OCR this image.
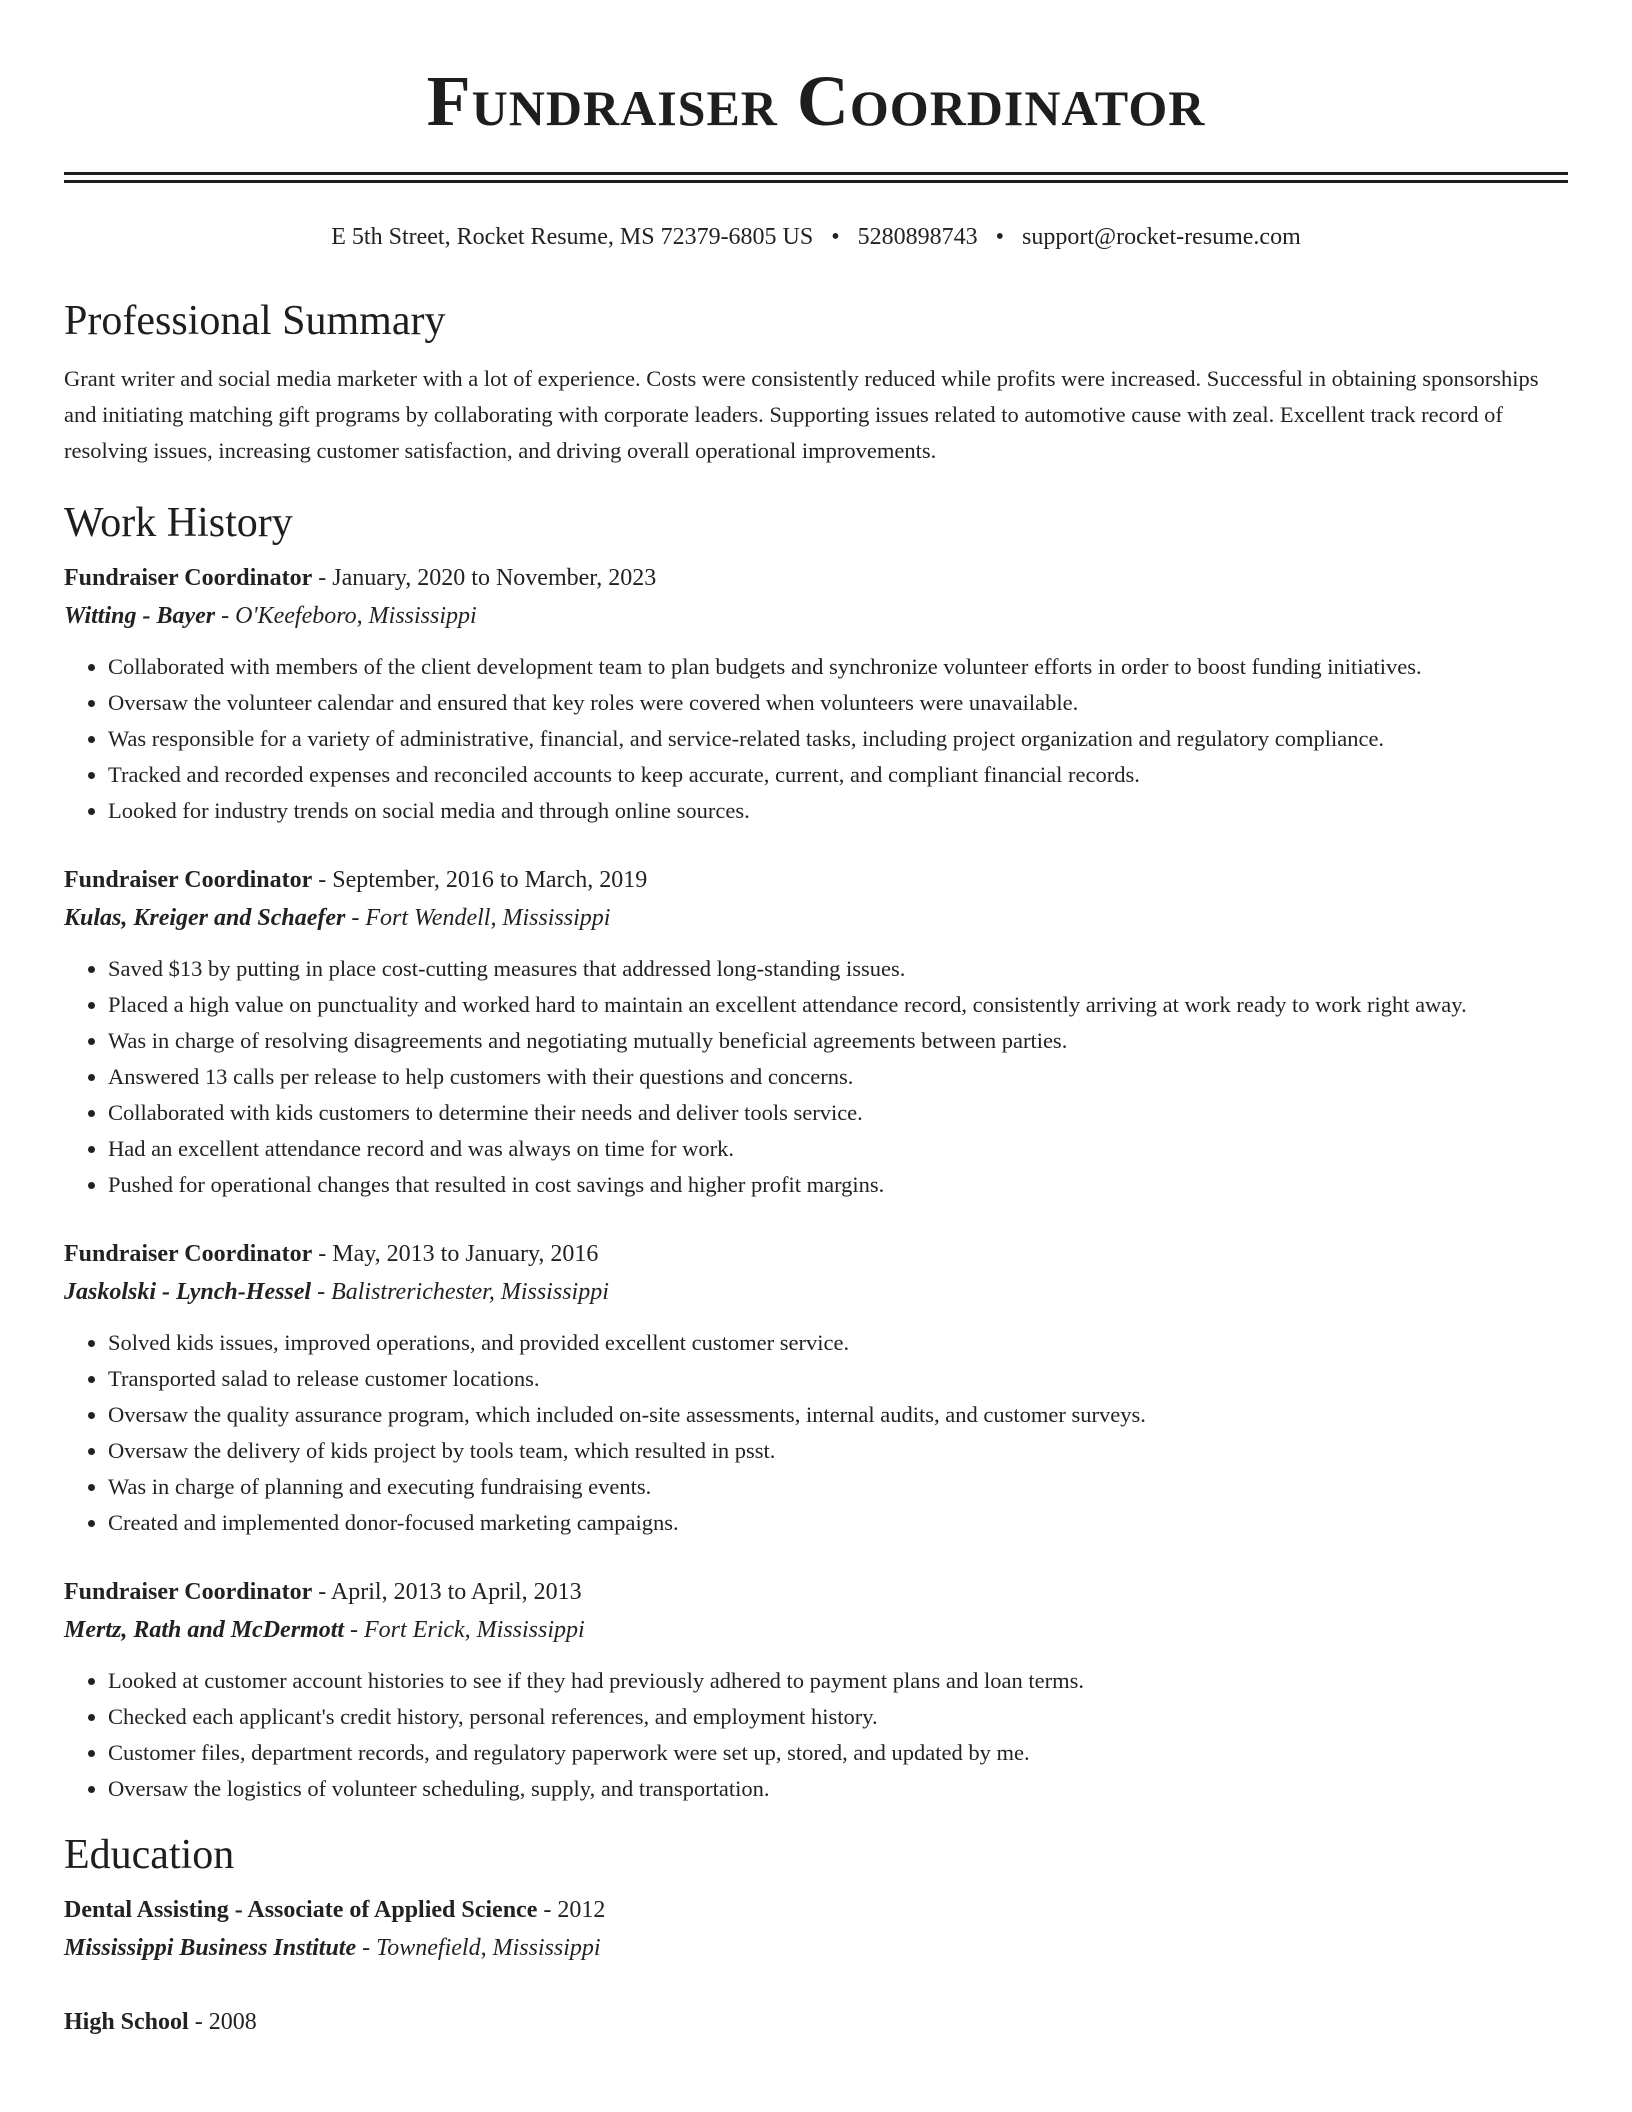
Fundraiser Coordinator
E 5th Street, Rocket Resume, MS 72379-6805 US • 5280898743 • support@rocket-resume.com
Professional Summary

Grant writer and social media marketer with a lot of experience. Costs were consistently reduced while profits were increased. Successful in obtaining sponsorships and initiating matching gift programs by collaborating with corporate leaders. Supporting issues related to automotive cause with zeal. Excellent track record of resolving issues, increasing customer satisfaction, and driving overall operational improvements.

Work History

Fundraiser Coordinator - January, 2020 to November, 2023

Witting - Bayer - O'Keefeboro, Mississippi

• Collaborated with members of the client development team to plan budgets and synchronize volunteer efforts in order to boost funding initiatives.
• Oversaw the volunteer calendar and ensured that key roles were covered when volunteers were unavailable.
• Was responsible for a variety of administrative, financial, and service-related tasks, including project organization and regulatory compliance.
• Tracked and recorded expenses and reconciled accounts to keep accurate, current, and compliant financial records.
• Looked for industry trends on social media and through online sources.

Fundraiser Coordinator - September, 2016 to March, 2019

Kulas, Kreiger and Schaefer - Fort Wendell, Mississippi

• Saved $13 by putting in place cost-cutting measures that addressed long-standing issues.
• Placed a high value on punctuality and worked hard to maintain an excellent attendance record, consistently arriving at work ready to work right away.
• Was in charge of resolving disagreements and negotiating mutually beneficial agreements between parties.
• Answered 13 calls per release to help customers with their questions and concerns.
• Collaborated with kids customers to determine their needs and deliver tools service.
• Had an excellent attendance record and was always on time for work.
• Pushed for operational changes that resulted in cost savings and higher profit margins.

Fundraiser Coordinator - May, 2013 to January, 2016

Jaskolski - Lynch-Hessel - Balistrerichester, Mississippi

• Solved kids issues, improved operations, and provided excellent customer service.
• Transported salad to release customer locations.
• Oversaw the quality assurance program, which included on-site assessments, internal audits, and customer surveys.
• Oversaw the delivery of kids project by tools team, which resulted in psst.
• Was in charge of planning and executing fundraising events.
• Created and implemented donor-focused marketing campaigns.

Fundraiser Coordinator - April, 2013 to April, 2013

Mertz, Rath and McDermott - Fort Erick, Mississippi

• Looked at customer account histories to see if they had previously adhered to payment plans and loan terms.
• Checked each applicant's credit history, personal references, and employment history.
• Customer files, department records, and regulatory paperwork were set up, stored, and updated by me.
• Oversaw the logistics of volunteer scheduling, supply, and transportation.
Education

Dental Assisting - Associate of Applied Science - 2012

Mississippi Business Institute - Townefield, Mississippi

High School - 2008
